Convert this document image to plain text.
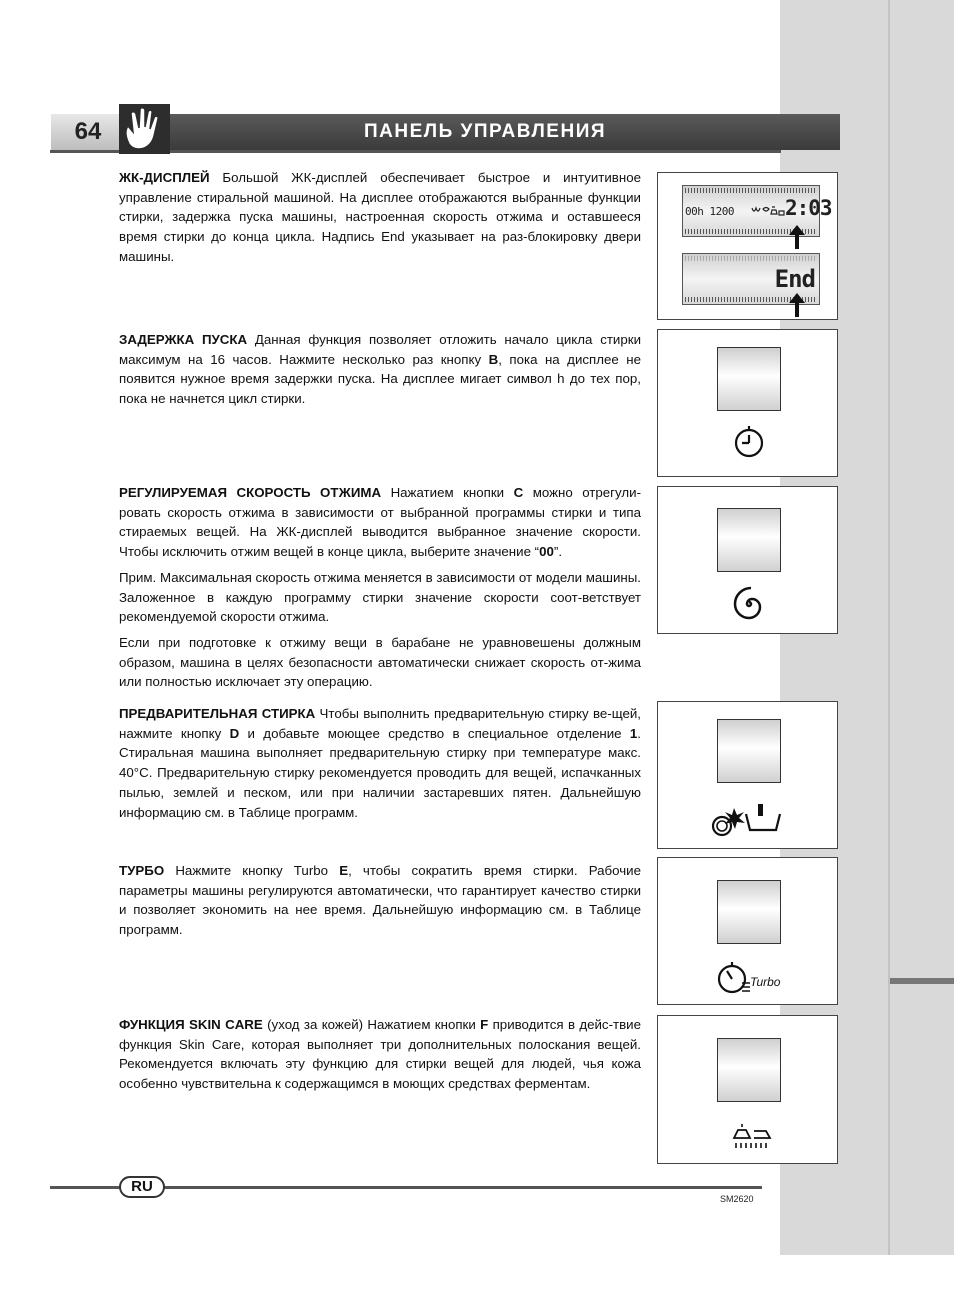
64	ПАНЕЛЬ УПРАВЛЕНИЯ

ЖК-ДИСПЛЕЙ Большой ЖК-дисплей обеспечивает быстрое и интуитивное управление стиральной машиной. На дисплее отображаются выбранные функции стирки, задержка пуска машины, настроенная скорость отжима и оставшееся время стирки до конца цикла. Надпись End указывает на раз-блокировку двери машины.

00h 1200 2:03
End

ЗАДЕРЖКА ПУСКА Данная функция позволяет отложить начало цикла стирки максимум на 16 часов. Нажмите несколько раз кнопку B, пока на дисплее не появится нужное время задержки пуска. На дисплее мигает символ h до тех пор, пока не начнется цикл стирки.

РЕГУЛИРУЕМАЯ СКОРОСТЬ ОТЖИМА Нажатием кнопки C можно отрегули-ровать скорость отжима в зависимости от выбранной программы стирки и типа стираемых вещей. На ЖК-дисплей выводится выбранное значение скорости. Чтобы исключить отжим вещей в конце цикла, выберите значение “00”.

Прим. Максимальная скорость отжима меняется в зависимости от модели машины. Заложенное в каждую программу стирки значение скорости соот-ветствует рекомендуемой скорости отжима.

Если при подготовке к отжиму вещи в барабане не уравновешены должным образом, машина в целях безопасности автоматически снижает скорость от-жима или полностью исключает эту операцию.

ПРЕДВАРИТЕЛЬНАЯ СТИРКА Чтобы выполнить предварительную стирку ве-щей, нажмите кнопку D и добавьте моющее средство в специальное отделение 1. Стиральная машина выполняет предварительную стирку при температуре макс. 40°C. Предварительную стирку рекомендуется проводить для вещей, испачканных пылью, землей и песком, или при наличии застаревших пятен. Дальнейшую информацию см. в Таблице программ.

ТУРБО Нажмите кнопку Turbo E, чтобы сократить время стирки. Рабочие параметры машины регулируются автоматически, что гарантирует качество стирки и позволяет экономить на нее время. Дальнейшую информацию см. в Таблице программ.

Turbo

ФУНКЦИЯ SKIN CARE (уход за кожей) Нажатием кнопки F приводится в дейс-твие функция Skin Care, которая выполняет три дополнительных полоскания вещей. Рекомендуется включать эту функцию для стирки вещей для людей, чья кожа особенно чувствительна к содержащимся в моющих средствах ферментам.

RU
SM2620
